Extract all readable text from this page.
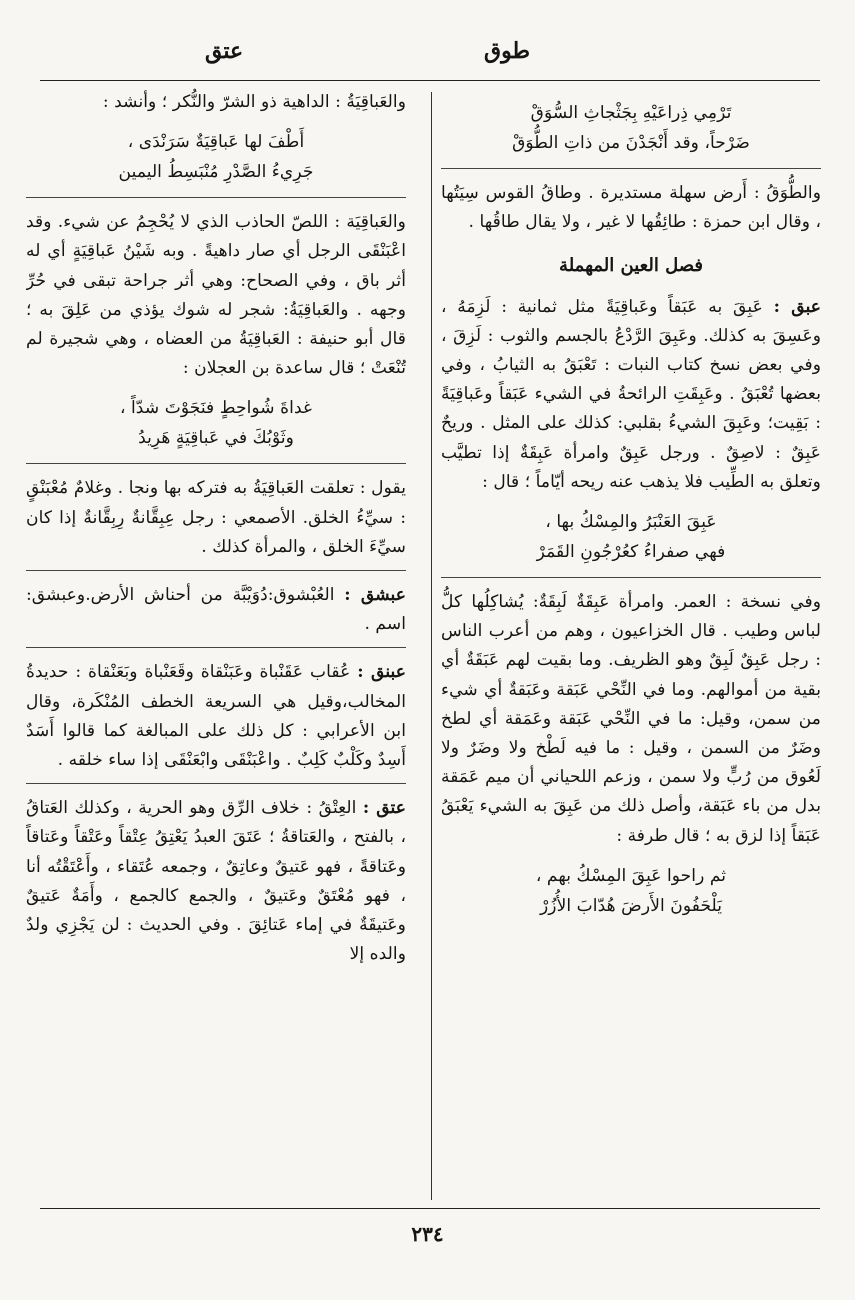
طوق
عتق
تَرْمِي ذِراعَيْهِ بِجَثْجاثِ السُّوَقْ
ضَرْحاً، وقد أَنْجَدْنَ من ذاتِ الطُّوَقْ

والطُّوَقُ : أَرض سهلة مستديرة . وطاقُ القوس سِيَتُها ، وقال ابن حمزة : طائِقُها لا غير ، ولا يقال طاقُها .

فصل العين المهملة

عبق : عَبِقَ به عَبَقاً وعَباقِيَةً مثل ثمانية : لَزِمَهُ ، وعَسِقَ به كذلك. وعَبِقَ الرَّدْعُ بالجسم والثوب : لَزِقَ ، وفي بعض نسخ كتاب النبات : تَعْبَقُ به الثيابُ ، وفي بعضها تُعْبَقُ . وعَبِقَتِ الرائحةُ في الشيء عَبَقاً وعَباقِيَةً : بَقِيت؛ وعَبِقَ الشيءُ بقلبي: كذلك على المثل . وريحٌ عَبِقٌ : لاصِقٌ . ورجل عَبِقٌ وامرأة عَبِقَةٌ إذا تطيَّب وتعلق به الطِّيب فلا يذهب عنه ريحه أيّاماً ؛ قال :

عَبِقَ العَنْبَرُ والمِسْكُ بها ،
فهي صفراءُ كعُرْجُونِ القَمَرْ

وفي نسخة : العمر. وامرأة عَبِقَةٌ لَبِقَةٌ: يُشاكِلُها كلُّ لباس وطيب . قال الخزاعيون ، وهم من أعرب الناس : رجل عَبِقٌ لَبِقٌ وهو الظريف. وما بقيت لهم عَبَقَةٌ أي بقية من أموالهم. وما في النِّحْي عَبَقة وعَبَقةٌ أي شيء من سمن، وقيل: ما في النِّحْي عَبَقة وعَمَقة أي لطخ وضَرٌ من السمن ، وقيل : ما فيه لَطْخ ولا وضَرٌ ولا لَعُوق من رُبٍّ ولا سمن ، وزعم اللحياني أن ميم عَمَقة بدل من باء عَبَقة، وأصل ذلك من عَبِقَ به الشيء يَعْبَقُ عَبَقاً إذا لزق به ؛ قال طرفة :

ثم راحوا عَبِقَ المِسْكُ بهم ،
يَلْحَفُونَ الأَرضَ هُدّابَ الأُزُرْ

والعَباقِيَةُ : الداهية ذو الشرّ والنُّكر ؛ وأنشد :

أَطْفَ لها عَباقِيَةٌ سَرَنْدَى ،
جَرِيءُ الصَّدْرِ مُنْبَسِطُ اليمين

والعَباقِيَة : اللصّ الحاذب الذي لا يُحْجِمُ عن شيء. وقد اعْبَنْقَى الرجل أي صار داهيةً . وبه شَيْنُ عَباقِيَةٍ أي له أثر باق ، وفي الصحاح: وهي أثر جراحة تبقى في حُرِّ وجهه . والعَباقِيَةُ: شجر له شوك يؤذي من عَلِقَ به ؛ قال أبو حنيفة : العَباقِيَةُ من العضاه ، وهي شجيرة لم تُنْعَتْ ؛ قال ساعدة بن العجلان :

غداةَ شُواحِطٍ فنَجَوْتَ شدّاً ،
وثَوْبُكَ في عَباقِيَةٍ هَرِيدُ

يقول : تعلقت العَباقِيَةُ به فتركه بها ونجا . وغلامٌ مُعْبَنْقٍ : سيِّءُ الخلق. الأصمعي : رجل عِبِقَّانةٌ رِبِقَّانةٌ إذا كان سيِّءَ الخلق ، والمرأة كذلك .

عبشق : العُبْشوق:دُوَيْبَّة من أحناش الأرض.وعبشق: اسم .

عبنق : عُقاب عَقَنْباة وعَبَنْقاة وقَعَنْباة وبَعَنْقاة : حديدةُ المخالب،وقيل هي السريعة الخطف المُنْكَرة، وقال ابن الأعرابي : كل ذلك على المبالغة كما قالوا أَسَدٌ أَسِدٌ وكَلْبٌ كَلِبٌ . واعْبَنْقَى وابْعَنْقَى إذا ساء خلقه .

عتق : العِتْقُ : خلاف الرِّق وهو الحرية ، وكذلك العَتاقُ ، بالفتح ، والعَتاقةُ ؛ عَتَقَ العبدُ يَعْتِقُ عِتْقاً وعَتْقاً وعَتاقاً وعَتاقةً ، فهو عَتيقٌ وعاتِقٌ ، وجمعه عُتَقاء ، وأَعْتَقْتُه أنا ، فهو مُعْتَقٌ وعَتيقٌ ، والجمع كالجمع ، وأَمَةٌ عَتيقٌ وعَتيقَةٌ في إماء عَتائِقَ . وفي الحديث : لن يَجْزِي ولدٌ والده إلا

٢٣٤
